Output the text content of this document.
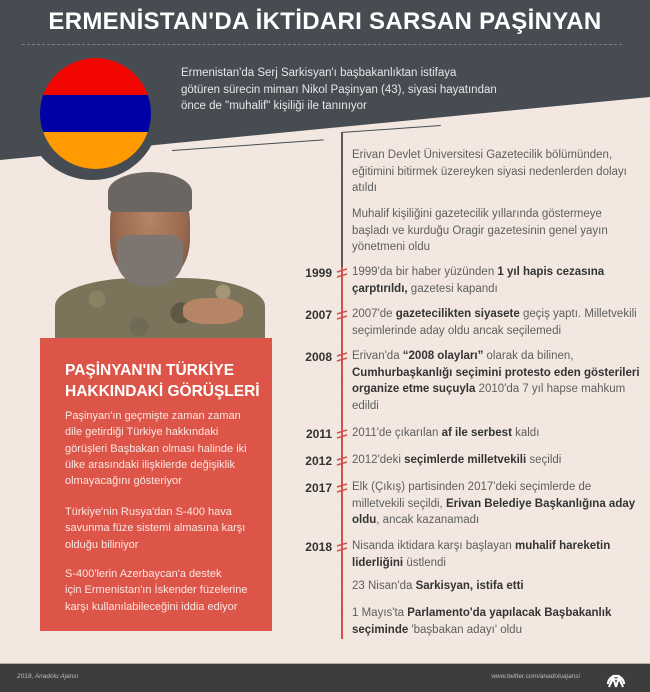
ERMENİSTAN'DA İKTİDARI SARSAN PAŞİNYAN
Ermenistan'da Serj Sarkisyan'ı başbakanlıktan istifaya
götüren sürecin mimarı Nikol Paşinyan (43), siyasi hayatından
önce de "muhalif" kişiliği ile tanınıyor
PAŞİNYAN'IN TÜRKİYE
HAKKINDAKİ GÖRÜŞLERİ
Paşinyan'ın geçmişte zaman zaman
dile getirdiği Türkiye hakkındaki
görüşleri Başbakan olması halinde iki
ülke arasındaki ilişkilerde değişiklik
olmayacağını gösteriyor
Türkiye'nin Rusya'dan S-400 hava
savunma füze sistemi almasına karşı
olduğu biliniyor
S-400'lerin Azerbaycan'a destek
için Ermenistan'ın İskender füzelerine
karşı kullanılabileceğini iddia ediyor
Erivan Devlet Üniversitesi Gazetecilik bölümünden, eğitimini bitirmek üzereyken siyasi nedenlerden dolayı atıldı
Muhalif kişiliğini gazetecilik yıllarında göstermeye başladı ve kurduğu Oragir gazetesinin genel yayın yönetmeni oldu
1999'da bir haber yüzünden 1 yıl hapis cezasına çarptırıldı, gazetesi kapandı
1999
2007'de gazetecilikten siyasete geçiş yaptı. Milletvekili seçimlerinde aday oldu ancak seçilemedi
2007
Erivan'da “2008 olayları” olarak da bilinen, Cumhurbaşkanlığı seçimini protesto eden gösterileri organize etme suçuyla 2010'da 7 yıl hapse mahkum edildi
2008
2011'de çıkarılan af ile serbest kaldı
2011
2012'deki seçimlerde milletvekili seçildi
2012
Elk (Çıkış) partisinden 2017'deki seçimlerde de milletvekili seçildi, Erivan Belediye Başkanlığına aday oldu, ancak kazanamadı
2017
Nisanda iktidara karşı başlayan muhalif hareketin liderliğini üstlendi
2018
23 Nisan'da Sarkisyan, istifa etti
1 Mayıs'ta Parlamento'da yapılacak Başbakanlık seçiminde 'başbakan adayı' oldu
2018, Anadolu Ajansı	www.twitter.com/anadoluajansi
